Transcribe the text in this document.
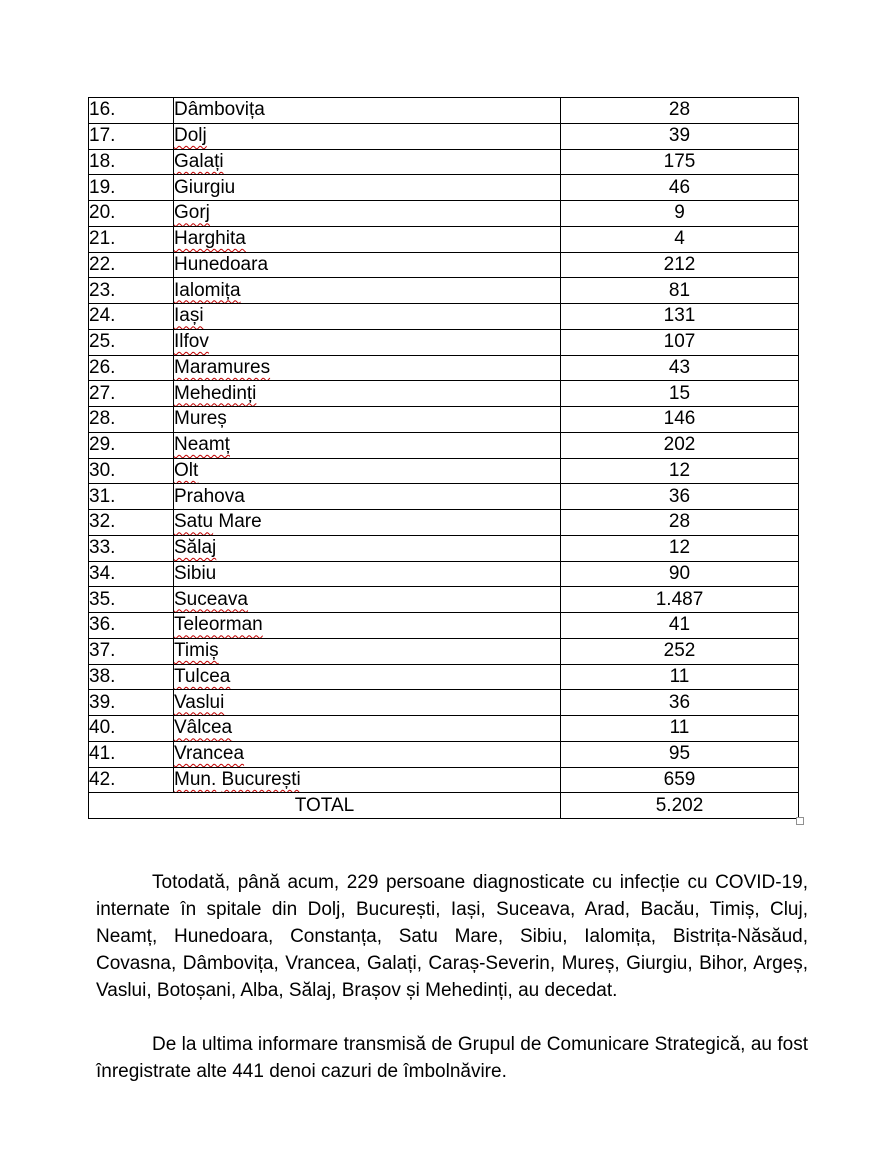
16.	Dâmbovița	28
17.	Dolj	39
18.	Galați	175
19.	Giurgiu	46
20.	Gorj	9
21.	Harghita	4
22.	Hunedoara	212
23.	Ialomița	81
24.	Iași	131
25.	Ilfov	107
26.	Maramures	43
27.	Mehedinți	15
28.	Mureș	146
29.	Neamț	202
30.	Olt	12
31.	Prahova	36
32.	Satu Mare	28
33.	Sălaj	12
34.	Sibiu	90
35.	Suceava	1.487
36.	Teleorman	41
37.	Timiș	252
38.	Tulcea	11
39.	Vaslui	36
40.	Vâlcea	11
41.	Vrancea	95
42.	Mun. București	659
TOTAL		5.202

Totodată, până acum, 229 persoane diagnosticate cu infecție cu COVID-19, internate în spitale din Dolj, București, Iași, Suceava, Arad, Bacău, Timiș, Cluj, Neamț, Hunedoara, Constanța, Satu Mare, Sibiu, Ialomița, Bistrița-Năsăud, Covasna, Dâmbovița, Vrancea, Galați, Caraș-Severin, Mureș, Giurgiu, Bihor, Argeș, Vaslui, Botoșani, Alba, Sălaj, Brașov și Mehedinți, au decedat.

De la ultima informare transmisă de Grupul de Comunicare Strategică, au fost înregistrate alte 441 denoi cazuri de îmbolnăvire.
